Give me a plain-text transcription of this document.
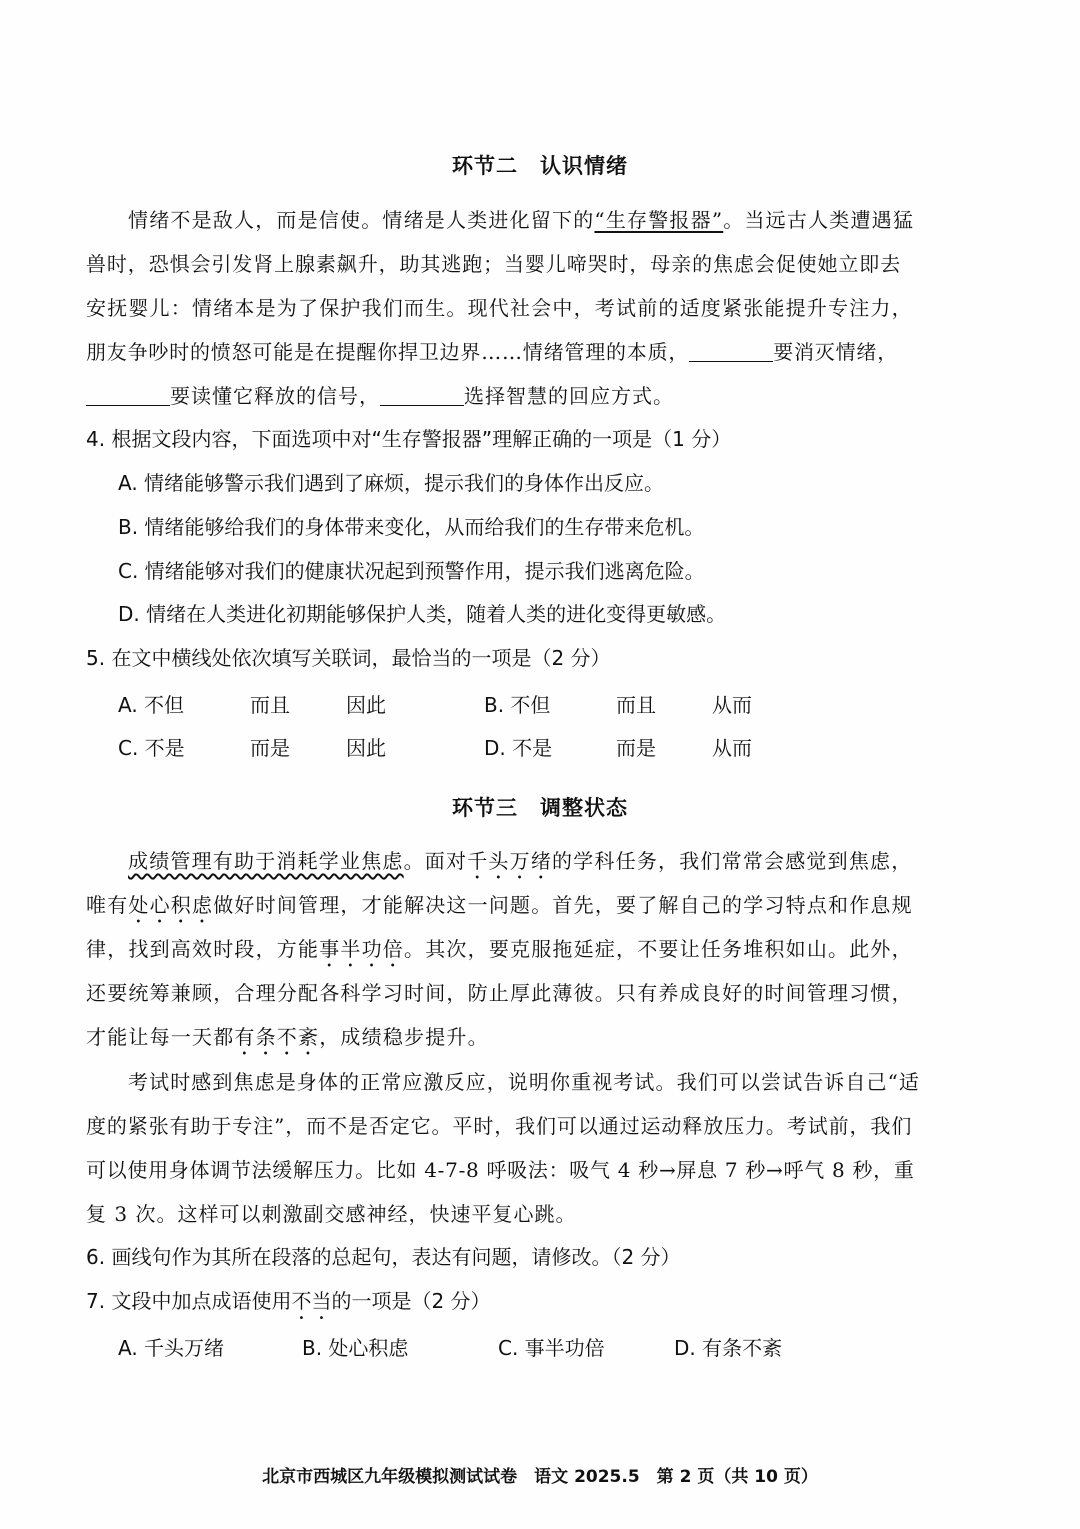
环节二　认识情绪
情绪不是敌人，而是信使。情绪是人类进化留下的“生存警报器”。当远古人类遭遇猛
兽时，恐惧会引发肾上腺素飙升，助其逃跑；当婴儿啼哭时，母亲的焦虑会促使她立即去
安抚婴儿：情绪本是为了保护我们而生。现代社会中，考试前的适度紧张能提升专注力，
朋友争吵时的愤怒可能是在提醒你捍卫边界……情绪管理的本质，	要消灭情绪，
要读懂它释放的信号，	选择智慧的回应方式。
4. 根据文段内容，下面选项中对“生存警报器”理解正确的一项是（1 分）
A. 情绪能够警示我们遇到了麻烦，提示我们的身体作出反应。
B. 情绪能够给我们的身体带来变化，从而给我们的生存带来危机。
C. 情绪能够对我们的健康状况起到预警作用，提示我们逃离危险。
D. 情绪在人类进化初期能够保护人类，随着人类的进化变得更敏感。
5. 在文中横线处依次填写关联词，最恰当的一项是（2 分）
A. 不但	而且	因此	B. 不但	而且	从而
C. 不是	而是	因此	D. 不是	而是	从而
环节三　调整状态
成绩管理有助于消耗学业焦虑。面对千头万绪的学科任务，我们常常会感觉到焦虑，
唯有处心积虑做好时间管理，才能解决这一问题。首先，要了解自己的学习特点和作息规
律，找到高效时段，方能事半功倍。其次，要克服拖延症，不要让任务堆积如山。此外，
还要统筹兼顾，合理分配各科学习时间，防止厚此薄彼。只有养成良好的时间管理习惯，
才能让每一天都有条不紊，成绩稳步提升。
考试时感到焦虑是身体的正常应激反应，说明你重视考试。我们可以尝试告诉自己“适
度的紧张有助于专注”，而不是否定它。平时，我们可以通过运动释放压力。考试前，我们
可以使用身体调节法缓解压力。比如 4-7-8 呼吸法：吸气 4 秒→屏息 7 秒→呼气 8 秒，重
复 3 次。这样可以刺激副交感神经，快速平复心跳。
6. 画线句作为其所在段落的总起句，表达有问题，请修改。（2 分）
7. 文段中加点成语使用不当的一项是（2 分）
A. 千头万绪	B. 处心积虑	C. 事半功倍	D. 有条不紊
北京市西城区九年级模拟测试试卷　语文 2025.5　第 2 页（共 10 页）
